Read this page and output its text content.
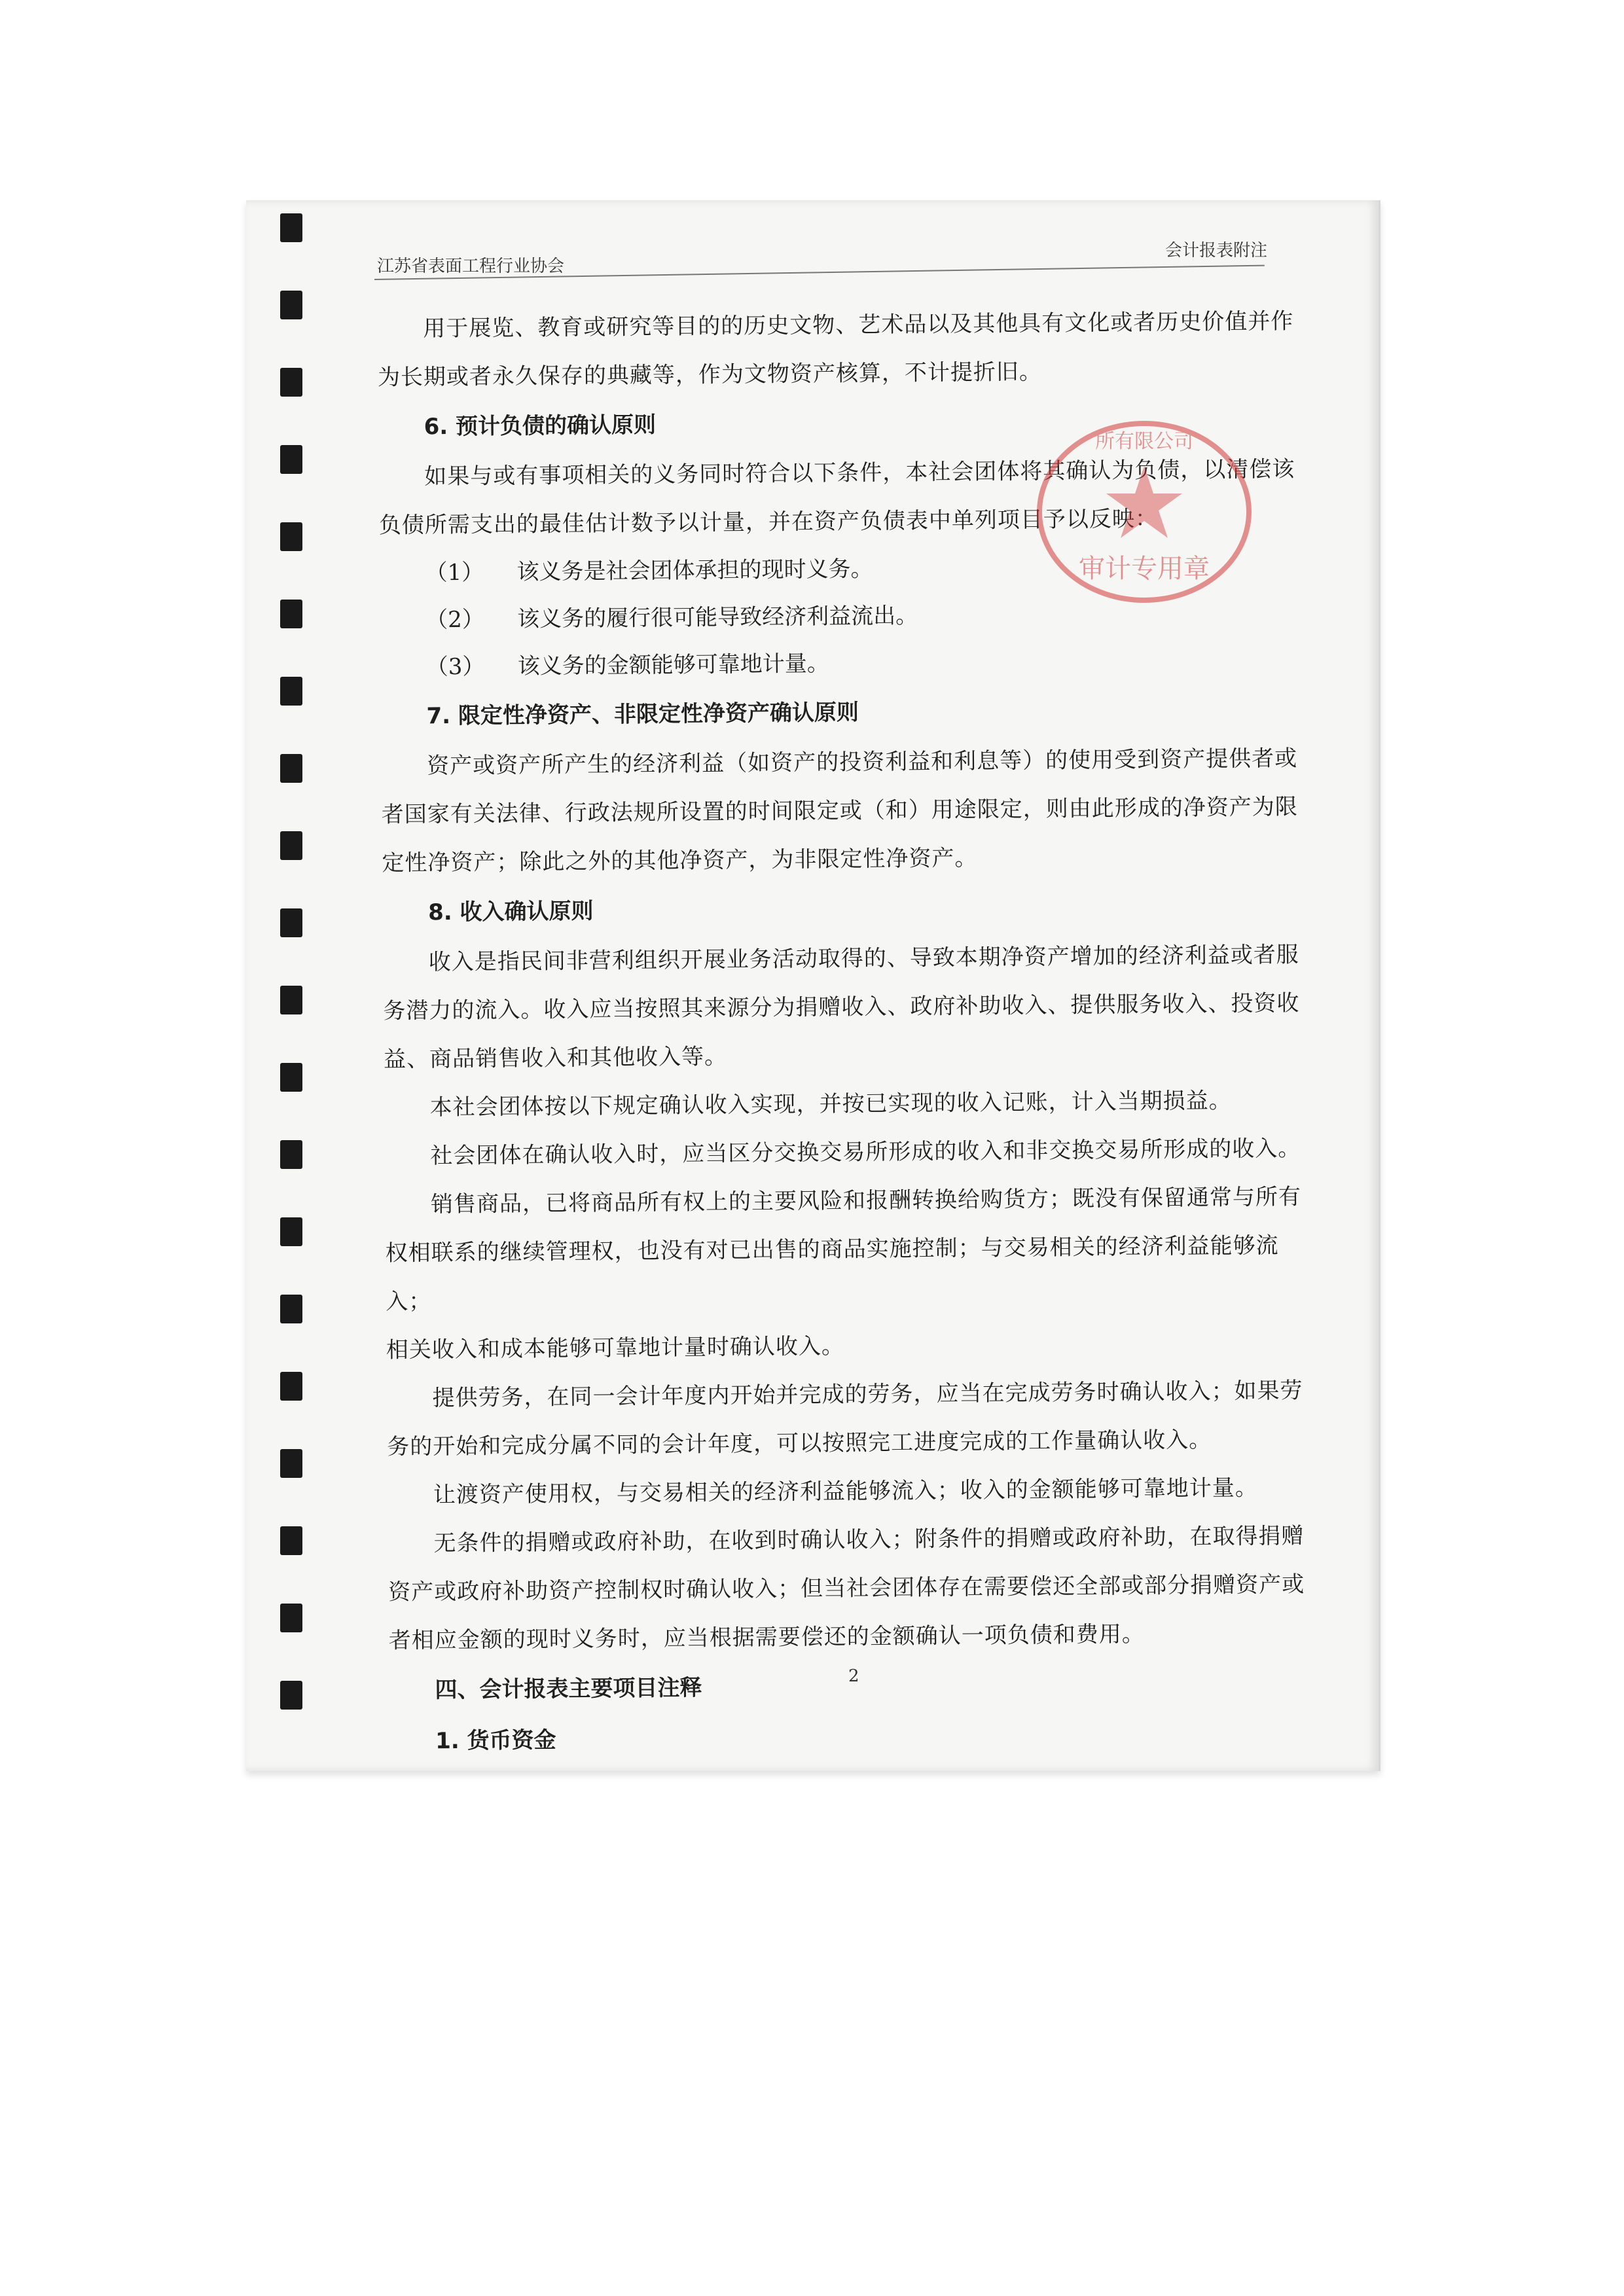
江苏省表面工程行业协会
会计报表附注

用于展览、教育或研究等目的的历史文物、艺术品以及其他具有文化或者历史价值并作

为长期或者永久保存的典藏等，作为文物资产核算，不计提折旧。

6. 预计负债的确认原则

如果与或有事项相关的义务同时符合以下条件，本社会团体将其确认为负债，以清偿该

负债所需支出的最佳估计数予以计量，并在资产负债表中单列项目予以反映：

（1）	该义务是社会团体承担的现时义务。
（2）	该义务的履行很可能导致经济利益流出。
（3）	该义务的金额能够可靠地计量。

7. 限定性净资产、非限定性净资产确认原则

资产或资产所产生的经济利益（如资产的投资利益和利息等）的使用受到资产提供者或

者国家有关法律、行政法规所设置的时间限定或（和）用途限定，则由此形成的净资产为限

定性净资产；除此之外的其他净资产，为非限定性净资产。

8. 收入确认原则

收入是指民间非营利组织开展业务活动取得的、导致本期净资产增加的经济利益或者服

务潜力的流入。收入应当按照其来源分为捐赠收入、政府补助收入、提供服务收入、投资收

益、商品销售收入和其他收入等。

本社会团体按以下规定确认收入实现，并按已实现的收入记账，计入当期损益。

社会团体在确认收入时，应当区分交换交易所形成的收入和非交换交易所形成的收入。

销售商品，已将商品所有权上的主要风险和报酬转换给购货方；既没有保留通常与所有

权相联系的继续管理权，也没有对已出售的商品实施控制；与交易相关的经济利益能够流入；

相关收入和成本能够可靠地计量时确认收入。

提供劳务，在同一会计年度内开始并完成的劳务，应当在完成劳务时确认收入；如果劳

务的开始和完成分属不同的会计年度，可以按照完工进度完成的工作量确认收入。

让渡资产使用权，与交易相关的经济利益能够流入；收入的金额能够可靠地计量。

无条件的捐赠或政府补助，在收到时确认收入；附条件的捐赠或政府补助，在取得捐赠

资产或政府补助资产控制权时确认收入；但当社会团体存在需要偿还全部或部分捐赠资产或

者相应金额的现时义务时，应当根据需要偿还的金额确认一项负债和费用。

四、会计报表主要项目注释

1. 货币资金

2
所有限公司
审计专用章
